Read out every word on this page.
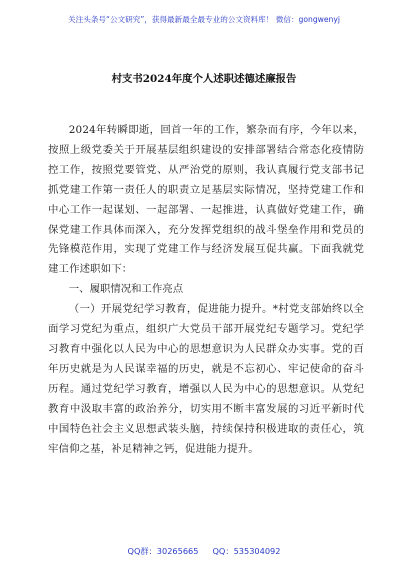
关注头条号“公文研究”，获得最新最全最专业的公文资料库！ 微信：gongwenyj
村支书2024年度个人述职述德述廉报告

2024年转瞬即逝，回首一年的工作，繁杂而有序，今年以来，按照上级党委关于开展基层组织建设的安排部署结合常态化疫情防控工作，按照党要管党、从严治党的原则，我认真履行党支部书记抓党建工作第一责任人的职责立足基层实际情况，坚持党建工作和中心工作一起谋划、一起部署、一起推进，认真做好党建工作，确保党建工作具体而深入，充分发挥党组织的战斗堡垒作用和党员的先锋模范作用，实现了党建工作与经济发展互促共赢。下面我就党建工作述职如下：

一、履职情况和工作亮点

（一）开展党纪学习教育，促进能力提升。*村党支部始终以全面学习党纪为重点，组织广大党员干部开展党纪专题学习。党纪学习教育中强化以人民为中心的思想意识为人民群众办实事。党的百年历史就是为人民谋幸福的历史，就是不忘初心、牢记使命的奋斗历程。通过党纪学习教育，增强以人民为中心的思想意识。从党纪教育中汲取丰富的政治养分，切实用不断丰富发展的习近平新时代中国特色社会主义思想武装头脑，持续保持积极进取的责任心，筑牢信仰之基，补足精神之钙，促进能力提升。

QQ群：30265665 QQ：535304092
